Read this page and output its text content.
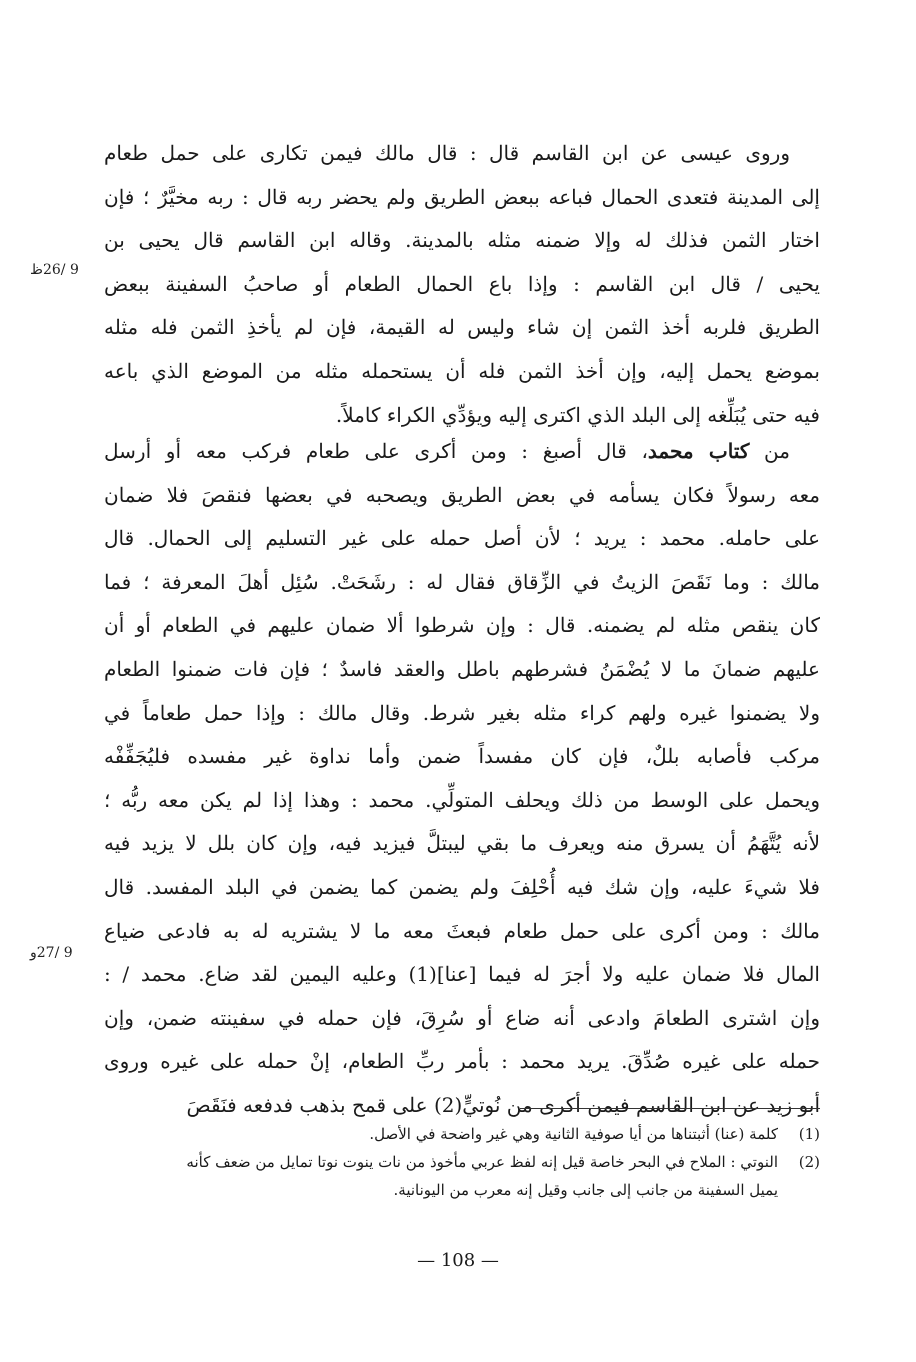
وروى عيسى عن ابن القاسم قال : قال مالك فيمن تكارى على حمل طعام
إلى المدينة فتعدى الحمال فباعه ببعض الطريق ولم يحضر ربه قال : ربه مخيَّرٌ ؛ فإن
اختار الثمن فذلك له وإلا ضمنه مثله بالمدينة. وقاله ابن القاسم قال يحيى بن
يحيى / قال ابن القاسم : وإذا باع الحمال الطعام أو صاحبُ السفينة ببعض
الطريق فلربه أخذ الثمن إن شاء وليس له القيمة، فإن لم يأخذِ الثمن فله مثله
بموضع يحمل إليه، وإن أخذ الثمن فله أن يستحمله مثله من الموضع الذي باعه
فيه حتى يُبَلِّغه إلى البلد الذي اكترى إليه ويؤدِّي الكراء كاملاً.
9 /26ظ
من كتاب محمد، قال أصبغ : ومن أكرى على طعام فركب معه أو أرسل
معه رسولاً فكان يسأمه في بعض الطريق ويصحبه في بعضها فنقصَ فلا ضمان
على حامله. محمد : يريد ؛ لأن أصل حمله على غير التسليم إلى الحمال. قال
مالك : وما نَقَصَ الزيتُ في الزِّقاق فقال له : رشَحَتْ. سُئِل أهلَ المعرفة ؛ فما
كان ينقص مثله لم يضمنه. قال : وإن شرطوا ألا ضمان عليهم في الطعام أو أن
عليهم ضمانَ ما لا يُضْمَنُ فشرطهم باطل والعقد فاسدٌ ؛ فإن فات ضمنوا الطعام
ولا يضمنوا غيره ولهم كراء مثله بغير شرط. وقال مالك : وإذا حمل طعاماً في
مركب فأصابه بللٌ، فإن كان مفسداً ضمن وأما نداوة غير مفسده فليُجَفِّفْه
ويحمل على الوسط من ذلك ويحلف المتولِّي. محمد : وهذا إذا لم يكن معه ربُّه ؛
لأنه يُتَّهَمُ أن يسرق منه ويعرف ما بقي ليبتلَّ فيزيد فيه، وإن كان بلل لا يزيد فيه
فلا شيءَ عليه، وإن شك فيه أُحْلِفَ ولم يضمن كما يضمن في البلد المفسد. قال
مالك : ومن أكرى على حمل طعام فبعثَ معه ما لا يشتريه له به فادعى ضياع
المال فلا ضمان عليه ولا أجرَ له فيما [عنا](1) وعليه اليمين لقد ضاع. محمد / :
وإن اشترى الطعامَ وادعى أنه ضاع أو سُرِقَ، فإن حمله في سفينته ضمن، وإن
حمله على غيره صُدِّقَ. يريد محمد : بأمر ربِّ الطعام، إنْ حمله على غيره وروى
أبو زيد عن ابن القاسم فيمن أكرى من نُوتيٍّ(2) على قمح بذهب فدفعه فنَقَصَ
9 /27و
(1)
كلمة (عنا) أثبتناها من أيا صوفية الثانية وهي غير واضحة في الأصل.
(2)
النوتي : الملاح في البحر خاصة قيل إنه لفظ عربي مأخوذ من نات ينوت نوتا تمايل من ضعف كأنه
يميل السفينة من جانب إلى جانب وقيل إنه معرب من اليونانية.
— 108 —
